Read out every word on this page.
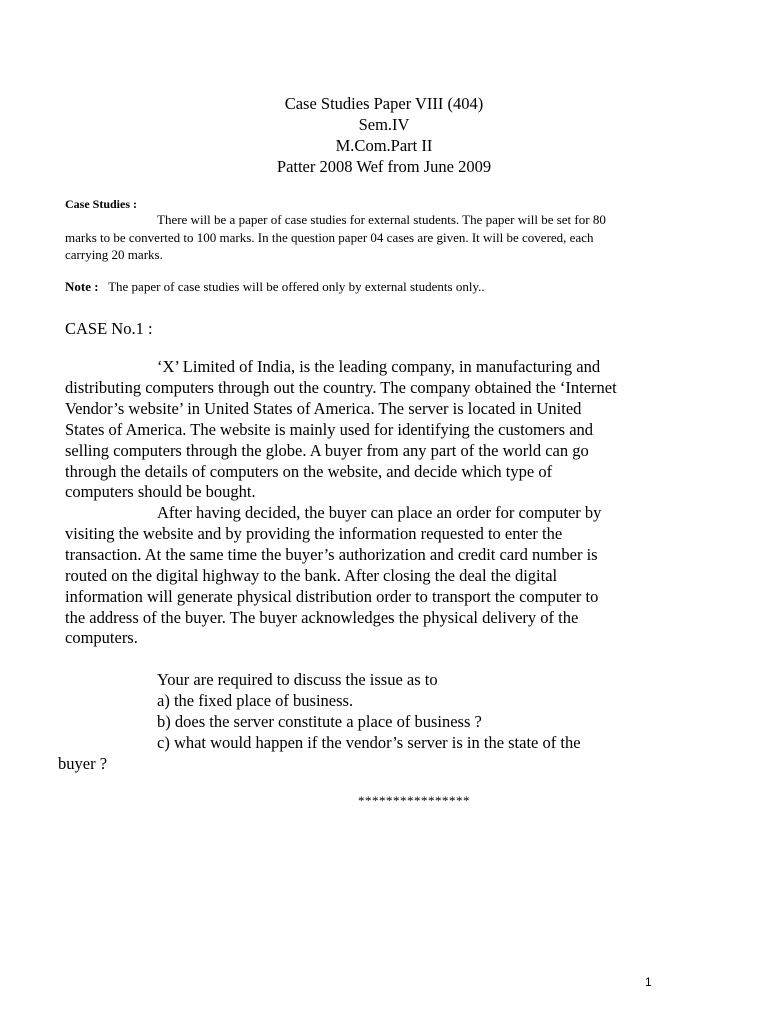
Case Studies Paper VIII (404)
Sem.IV
M.Com.Part II
Patter 2008 Wef from June 2009
Case Studies :
There will be a paper of case studies for external students. The paper will be set for 80
marks to be converted to 100 marks. In the question paper 04 cases are given. It will be covered, each
carrying 20 marks.
Note : The paper of case studies will be offered only by external students only..
CASE No.1 :
‘X’ Limited of India, is the leading company, in manufacturing and
distributing computers through out the country. The company obtained the ‘Internet
Vendor’s website’ in United States of America. The server is located in United
States of America. The website is mainly used for identifying the customers and
selling computers through the globe. A buyer from any part of the world can go
through the details of computers on the website, and decide which type of
computers should be bought.
After having decided, the buyer can place an order for computer by
visiting the website and by providing the information requested to enter the
transaction. At the same time the buyer’s authorization and credit card number is
routed on the digital highway to the bank. After closing the deal the digital
information will generate physical distribution order to transport the computer to
the address of the buyer. The buyer acknowledges the physical delivery of the
computers.
Your are required to discuss the issue as to
a) the fixed place of business.
b) does the server constitute a place of business ?
c) what would happen if the vendor’s server is in the state of the
buyer ?
****************
1
